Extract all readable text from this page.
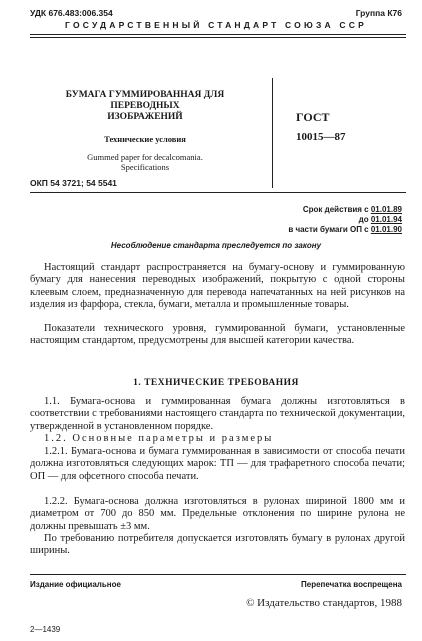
УДК 676.483:006.354	Группа К76
ГОСУДАРСТВЕННЫЙ СТАНДАРТ СОЮЗА ССР
БУМАГА ГУММИРОВАННАЯ ДЛЯ ПЕРЕВОДНЫХ
ИЗОБРАЖЕНИЙ
Технические условия
Gummed paper for decalcomania.
Specifications
ГОСТ
10015—87
ОКП 54 3721; 54 5541
Срок действия с 01.01.89
до 01.01.94
в части бумаги ОП с 01.01.90
Несоблюдение стандарта преследуется по закону
Настоящий стандарт распространяется на бумагу-основу и гуммированную бумагу для нанесения переводных изображений, покрытую с одной стороны клеевым слоем, предназначенную для перевода напечатанных на ней рисунков на изделия из фарфора, стекла, бумаги, металла и промышленные товары.
Показатели технического уровня, гуммированной бумаги, установленные настоящим стандартом, предусмотрены для высшей категории качества.
1. ТЕХНИЧЕСКИЕ ТРЕБОВАНИЯ
1.1. Бумага-основа и гуммированная бумага должны изготовляться в соответствии с требованиями настоящего стандарта по технической документации, утвержденной в установленном порядке.
1.2. Основные параметры и размеры
1.2.1. Бумага-основа и бумага гуммированная в зависимости от способа печати должна изготовляться следующих марок: ТП — для трафаретного способа печати; ОП — для офсетного способа печати.
1.2.2. Бумага-основа должна изготовляться в рулонах шириной 1800 мм и диаметром от 700 до 850 мм. Предельные отклонения по ширине рулона не должны превышать ±3 мм.
По требованию потребителя допускается изготовлять бумагу в рулонах другой ширины.
Издание официальное	Перепечатка воспрещена
© Издательство стандартов, 1988
2—1439
